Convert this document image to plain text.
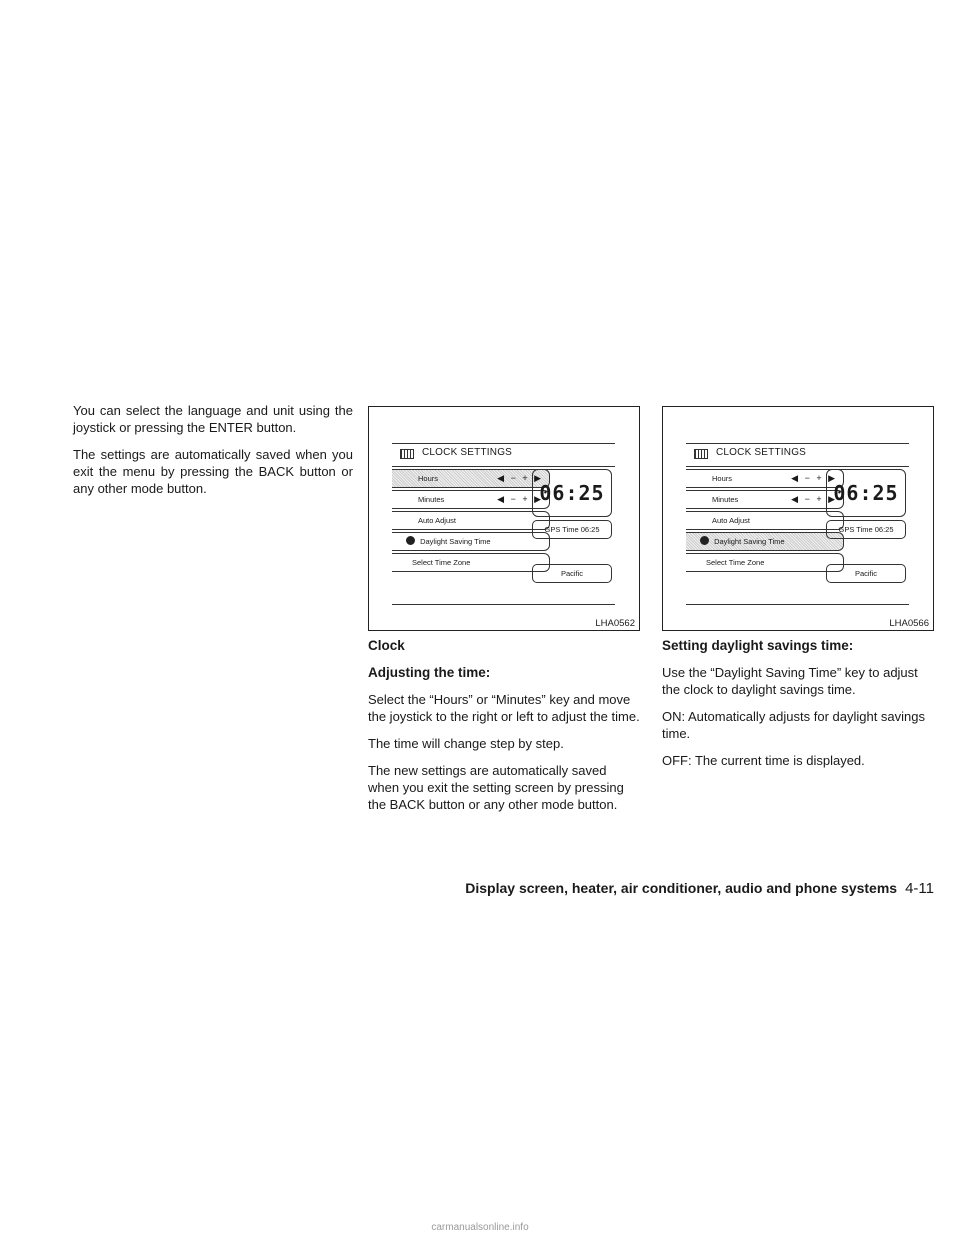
You can select the language and unit using the joystick or pressing the ENTER button.

The settings are automatically saved when you exit the menu by pressing the BACK button or any other mode button.

CLOCK SETTINGS
Hours	◀ − + ▶
Minutes	◀ − + ▶
Auto Adjust
Daylight Saving Time
Select Time Zone
06:25
GPS Time 06:25
Pacific
LHA0562
CLOCK SETTINGS
Hours	◀ − + ▶
Minutes	◀ − + ▶
Auto Adjust
Daylight Saving Time
Select Time Zone
06:25
GPS Time 06:25
Pacific
LHA0566

Clock

Adjusting the time:

Select the “Hours” or “Minutes” key and move the joystick to the right or left to adjust the time.

The time will change step by step.

The new settings are automatically saved when you exit the setting screen by pressing the BACK button or any other mode button.

Setting daylight savings time:

Use the “Daylight Saving Time” key to adjust the clock to daylight savings time.

ON: Automatically adjusts for daylight savings time.

OFF: The current time is displayed.

Display screen, heater, air conditioner, audio and phone systems 4-11
carmanualsonline.info
